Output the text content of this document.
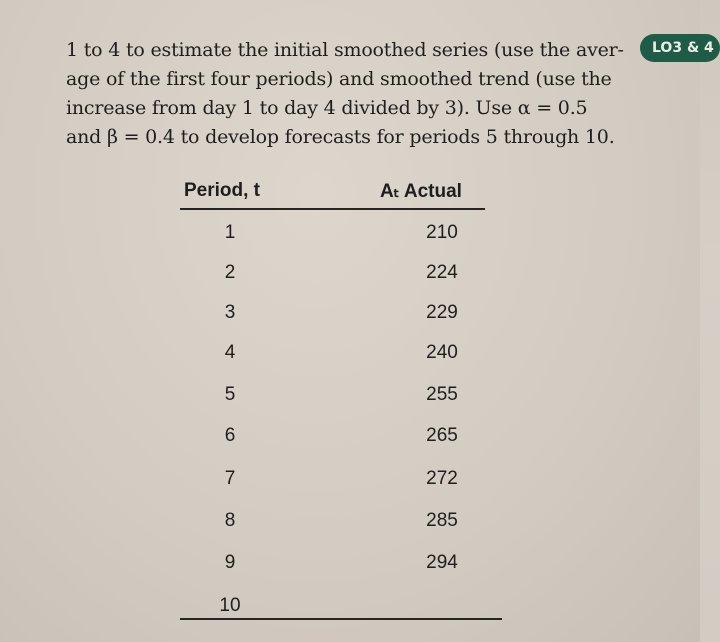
1 to 4 to estimate the initial smoothed series (use the aver-
age of the first four periods) and smoothed trend (use the
increase from day 1 to day 4 divided by 3). Use α = 0.5
and β = 0.4 to develop forecasts for periods 5 through 10.
LO3 & 4
Period, t	Aₜ Actual
1	210
2	224
3	229
4	240
5	255
6	265
7	272
8	285
9	294
10
